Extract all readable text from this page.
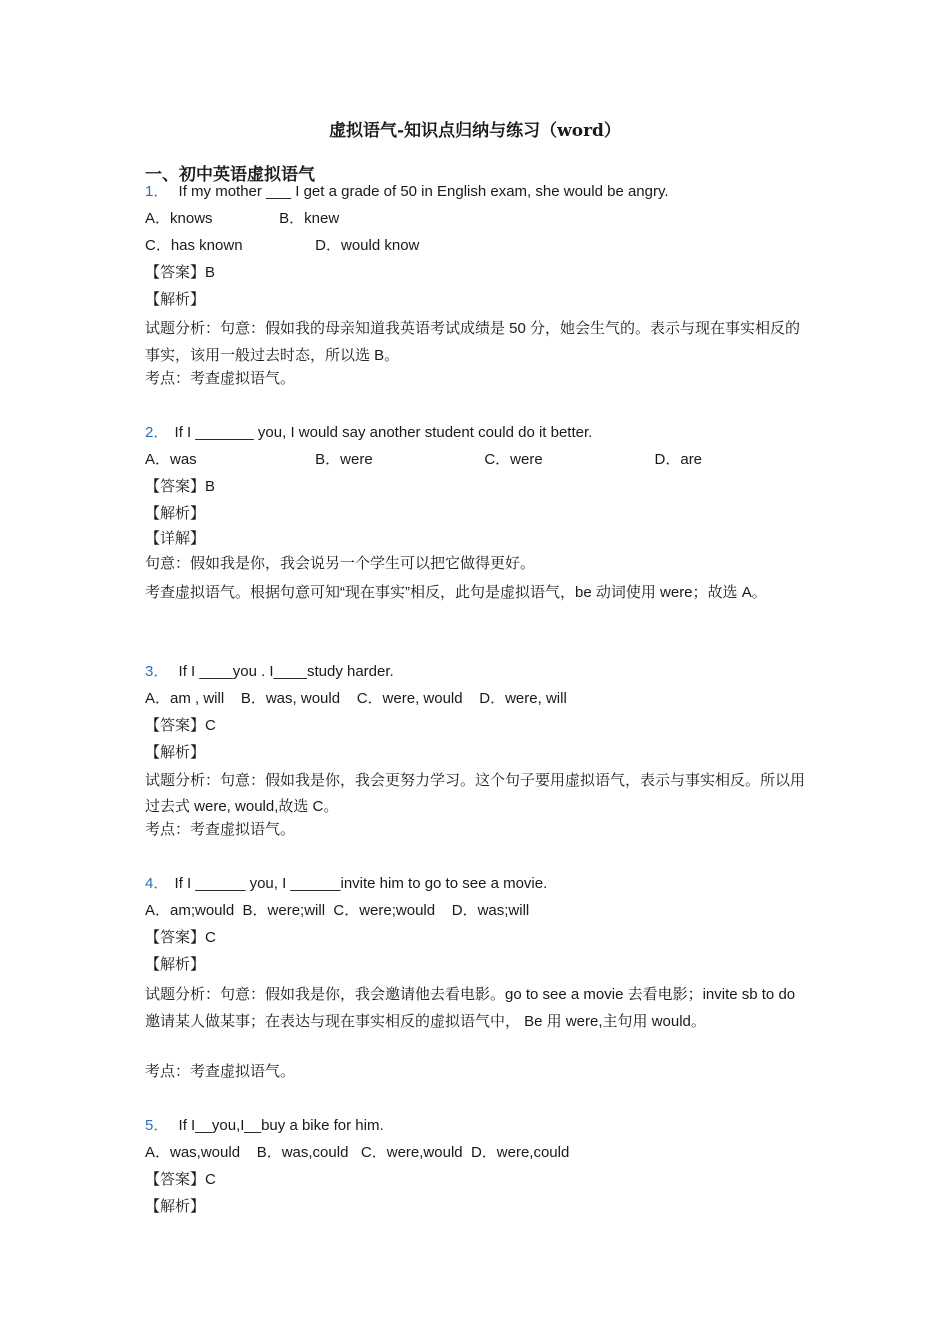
虚拟语气-知识点归纳与练习（word）
一、初中英语虚拟语气
1 ． If my mother ___ I get a grade of 50 in English exam, she would be angry.
A．knows	B．knew
C．has known	D．would know
【答案】B
【解析】
试题分析：句意：假如我的母亲知道我英语考试成绩是 50 分，她会生气的。表示与现在事实相反的事实，该用一般过去时态，所以选 B。
考点：考查虚拟语气。
2 ． If I _______ you, I would say another student could do it better.
A．was	B．were	C．were	D．are
【答案】B
【解析】
【详解】
句意：假如我是你，我会说另一个学生可以把它做得更好。
考查虚拟语气。根据句意可知“现在事实”相反，此句是虚拟语气，be 动词使用 were；故选 A。
3 ． If I ____you . I____study harder.
A．am , will    B．was, would    C．were, would    D．were, will
【答案】C
【解析】
试题分析：句意：假如我是你，我会更努力学习。这个句子要用虚拟语气，表示与事实相反。所以用过去式 were, would,故选 C。
考点：考查虚拟语气。
4 ． If I ______ you, I ______invite him to go to see a movie.
A．am;would  B．were;will  C．were;would    D．was;will
【答案】C
【解析】
试题分析：句意：假如我是你，我会邀请他去看电影。go to see a movie 去看电影；invite sb to do 邀请某人做某事；在表达与现在事实相反的虚拟语气中， Be 用 were,主句用 would。
考点：考查虚拟语气。
5 ． If I__you,I__buy a bike for him.
A．was,would    B．was,could   C．were,would  D．were,could
【答案】C
【解析】
